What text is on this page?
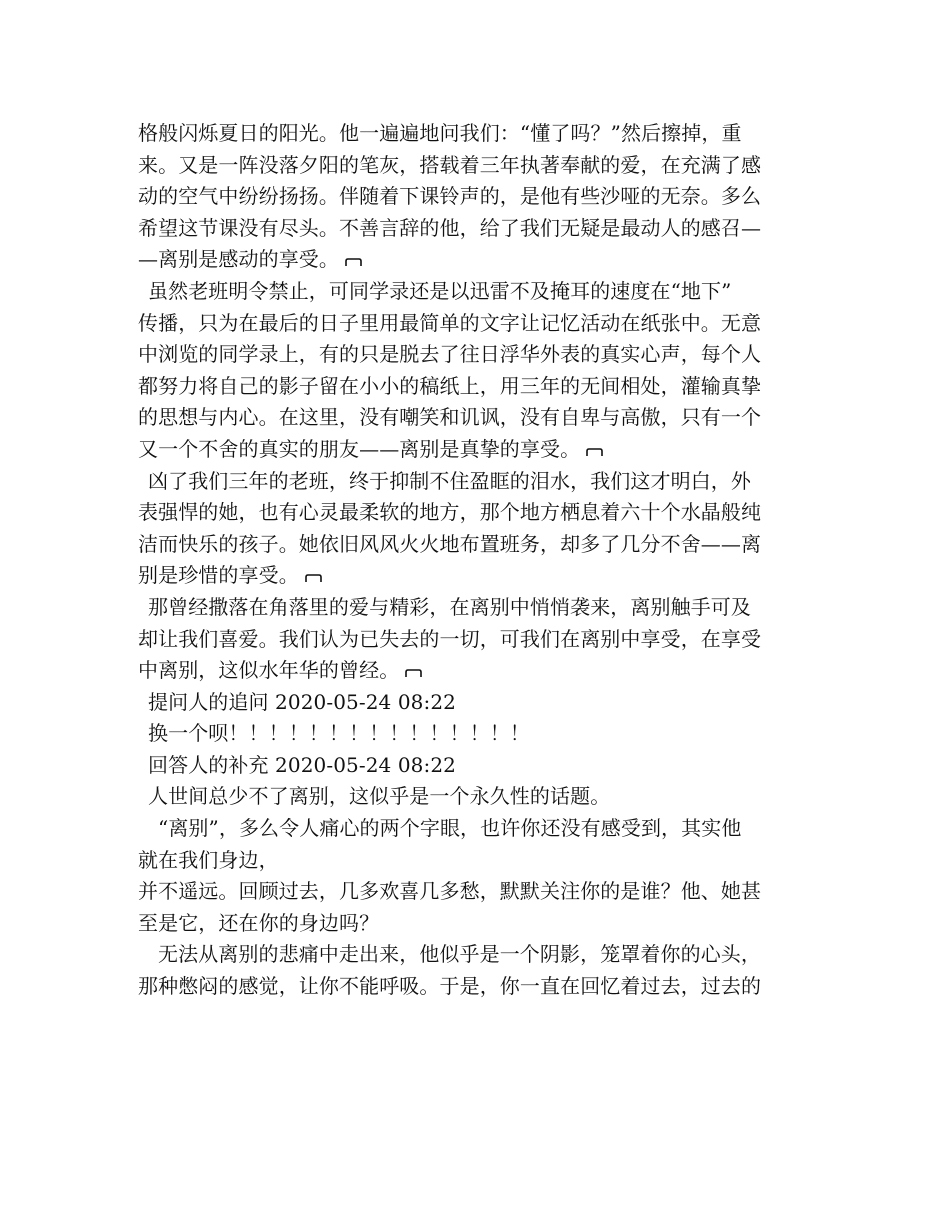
格般闪烁夏日的阳光。他一遍遍地问我们：“懂了吗？”然后擦掉，重
来。又是一阵没落夕阳的笔灰，搭载着三年执著奉献的爱，在充满了感
动的空气中纷纷扬扬。伴随着下课铃声的，是他有些沙哑的无奈。多么
希望这节课没有尽头。不善言辞的他，给了我们无疑是最动人的感召—
—离别是感动的享受。
虽然老班明令禁止，可同学录还是以迅雷不及掩耳的速度在“地下”
传播，只为在最后的日子里用最简单的文字让记忆活动在纸张中。无意
中浏览的同学录上，有的只是脱去了往日浮华外表的真实心声，每个人
都努力将自己的影子留在小小的稿纸上，用三年的无间相处，灌输真挚
的思想与内心。在这里，没有嘲笑和讥讽，没有自卑与高傲，只有一个
又一个不舍的真实的朋友——离别是真挚的享受。
凶了我们三年的老班，终于抑制不住盈眶的泪水，我们这才明白，外
表强悍的她，也有心灵最柔软的地方，那个地方栖息着六十个水晶般纯
洁而快乐的孩子。她依旧风风火火地布置班务，却多了几分不舍——离
别是珍惜的享受。
那曾经撒落在角落里的爱与精彩，在离别中悄悄袭来，离别触手可及
却让我们喜爱。我们认为已失去的一切，可我们在离别中享受，在享受
中离别，这似水年华的曾经。
提问人的追问 2020-05-24 08:22
换一个呗！！！！！！！！！！！！！！！
回答人的补充 2020-05-24 08:22
人世间总少不了离别，这似乎是一个永久性的话题。
“离别”，多么令人痛心的两个字眼，也许你还没有感受到，其实他
就在我们身边，
并不遥远。回顾过去，几多欢喜几多愁，默默关注你的是谁？他、她甚
至是它，还在你的身边吗？
无法从离别的悲痛中走出来，他似乎是一个阴影，笼罩着你的心头，
那种憋闷的感觉，让你不能呼吸。于是，你一直在回忆着过去，过去的
